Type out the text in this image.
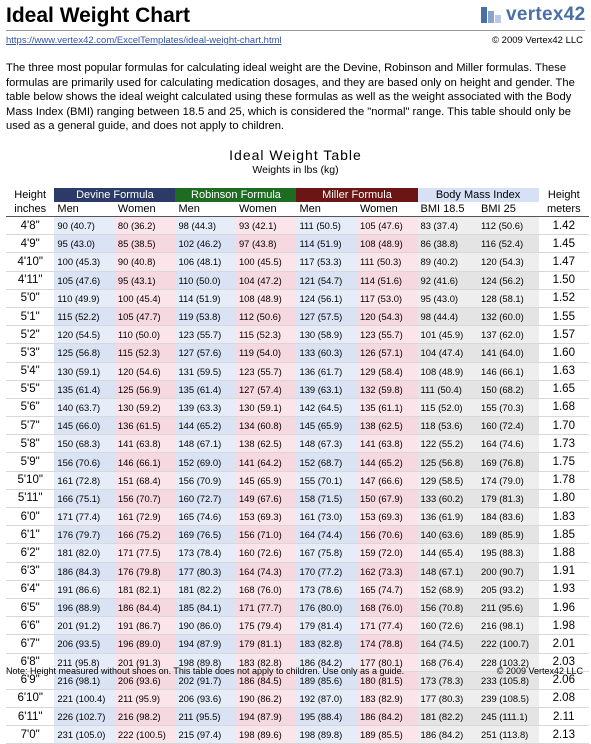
Ideal Weight Chart	vertex42
https://www.vertex42.com/ExcelTemplates/ideal-weight-chart.html	© 2009 Vertex42 LLC
The three most popular formulas for calculating ideal weight are the Devine, Robinson and Miller formulas. These formulas are primarily used for calculating medication dosages, and they are based only on height and gender. The table below shows the ideal weight calculated using these formulas as well as the weight associated with the Body Mass Index (BMI) ranging between 18.5 and 25, which is considered the "normal" range. This table should only be used as a general guide, and does not apply to children.
Ideal Weight Table
Weights in lbs (kg)
Height	Devine Formula		Robinson Formula		Miller Formula		Body Mass Index		Height
inches	Men	Women	Men	Women	Men	Women	BMI 18.5	BMI 25	meters
4'8"	90 (40.7)	80 (36.2)	98 (44.3)	93 (42.1)	111 (50.5)	105 (47.6)	83 (37.4)	112 (50.6)	1.42
4'9"	95 (43.0)	85 (38.5)	102 (46.2)	97 (43.8)	114 (51.9)	108 (48.9)	86 (38.8)	116 (52.4)	1.45
4'10"	100 (45.3)	90 (40.8)	106 (48.1)	100 (45.5)	117 (53.3)	111 (50.3)	89 (40.2)	120 (54.3)	1.47
4'11"	105 (47.6)	95 (43.1)	110 (50.0)	104 (47.2)	121 (54.7)	114 (51.6)	92 (41.6)	124 (56.2)	1.50
5'0"	110 (49.9)	100 (45.4)	114 (51.9)	108 (48.9)	124 (56.1)	117 (53.0)	95 (43.0)	128 (58.1)	1.52
5'1"	115 (52.2)	105 (47.7)	119 (53.8)	112 (50.6)	127 (57.5)	120 (54.3)	98 (44.4)	132 (60.0)	1.55
5'2"	120 (54.5)	110 (50.0)	123 (55.7)	115 (52.3)	130 (58.9)	123 (55.7)	101 (45.9)	137 (62.0)	1.57
5'3"	125 (56.8)	115 (52.3)	127 (57.6)	119 (54.0)	133 (60.3)	126 (57.1)	104 (47.4)	141 (64.0)	1.60
5'4"	130 (59.1)	120 (54.6)	131 (59.5)	123 (55.7)	136 (61.7)	129 (58.4)	108 (48.9)	146 (66.1)	1.63
5'5"	135 (61.4)	125 (56.9)	135 (61.4)	127 (57.4)	139 (63.1)	132 (59.8)	111 (50.4)	150 (68.2)	1.65
5'6"	140 (63.7)	130 (59.2)	139 (63.3)	130 (59.1)	142 (64.5)	135 (61.1)	115 (52.0)	155 (70.3)	1.68
5'7"	145 (66.0)	136 (61.5)	144 (65.2)	134 (60.8)	145 (65.9)	138 (62.5)	118 (53.6)	160 (72.4)	1.70
5'8"	150 (68.3)	141 (63.8)	148 (67.1)	138 (62.5)	148 (67.3)	141 (63.8)	122 (55.2)	164 (74.6)	1.73
5'9"	156 (70.6)	146 (66.1)	152 (69.0)	141 (64.2)	152 (68.7)	144 (65.2)	125 (56.8)	169 (76.8)	1.75
5'10"	161 (72.8)	151 (68.4)	156 (70.9)	145 (65.9)	155 (70.1)	147 (66.6)	129 (58.5)	174 (79.0)	1.78
5'11"	166 (75.1)	156 (70.7)	160 (72.7)	149 (67.6)	158 (71.5)	150 (67.9)	133 (60.2)	179 (81.3)	1.80
6'0"	171 (77.4)	161 (72.9)	165 (74.6)	153 (69.3)	161 (73.0)	153 (69.3)	136 (61.9)	184 (83.6)	1.83
6'1"	176 (79.7)	166 (75.2)	169 (76.5)	156 (71.0)	164 (74.4)	156 (70.6)	140 (63.6)	189 (85.9)	1.85
6'2"	181 (82.0)	171 (77.5)	173 (78.4)	160 (72.6)	167 (75.8)	159 (72.0)	144 (65.4)	195 (88.3)	1.88
6'3"	186 (84.3)	176 (79.8)	177 (80.3)	164 (74.3)	170 (77.2)	162 (73.3)	148 (67.1)	200 (90.7)	1.91
6'4"	191 (86.6)	181 (82.1)	181 (82.2)	168 (76.0)	173 (78.6)	165 (74.7)	152 (68.9)	205 (93.2)	1.93
6'5"	196 (88.9)	186 (84.4)	185 (84.1)	171 (77.7)	176 (80.0)	168 (76.0)	156 (70.8)	211 (95.6)	1.96
6'6"	201 (91.2)	191 (86.7)	190 (86.0)	175 (79.4)	179 (81.4)	171 (77.4)	160 (72.6)	216 (98.1)	1.98
6'7"	206 (93.5)	196 (89.0)	194 (87.9)	179 (81.1)	183 (82.8)	174 (78.8)	164 (74.5)	222 (100.7)	2.01
6'8"	211 (95.8)	201 (91.3)	198 (89.8)	183 (82.8)	186 (84.2)	177 (80.1)	168 (76.4)	228 (103.2)	2.03
6'9"	216 (98.1)	206 (93.6)	202 (91.7)	186 (84.5)	189 (85.6)	180 (81.5)	173 (78.3)	233 (105.8)	2.06
6'10"	221 (100.4)	211 (95.9)	206 (93.6)	190 (86.2)	192 (87.0)	183 (82.9)	177 (80.3)	239 (108.5)	2.08
6'11"	226 (102.7)	216 (98.2)	211 (95.5)	194 (87.9)	195 (88.4)	186 (84.2)	181 (82.2)	245 (111.1)	2.11
7'0"	231 (105.0)	222 (100.5)	215 (97.4)	198 (89.6)	198 (89.8)	189 (85.5)	186 (84.2)	251 (113.8)	2.13
Note: Height measured without shoes on. This table does not apply to children. Use only as a guide.	© 2009 Vertex42 LLC
